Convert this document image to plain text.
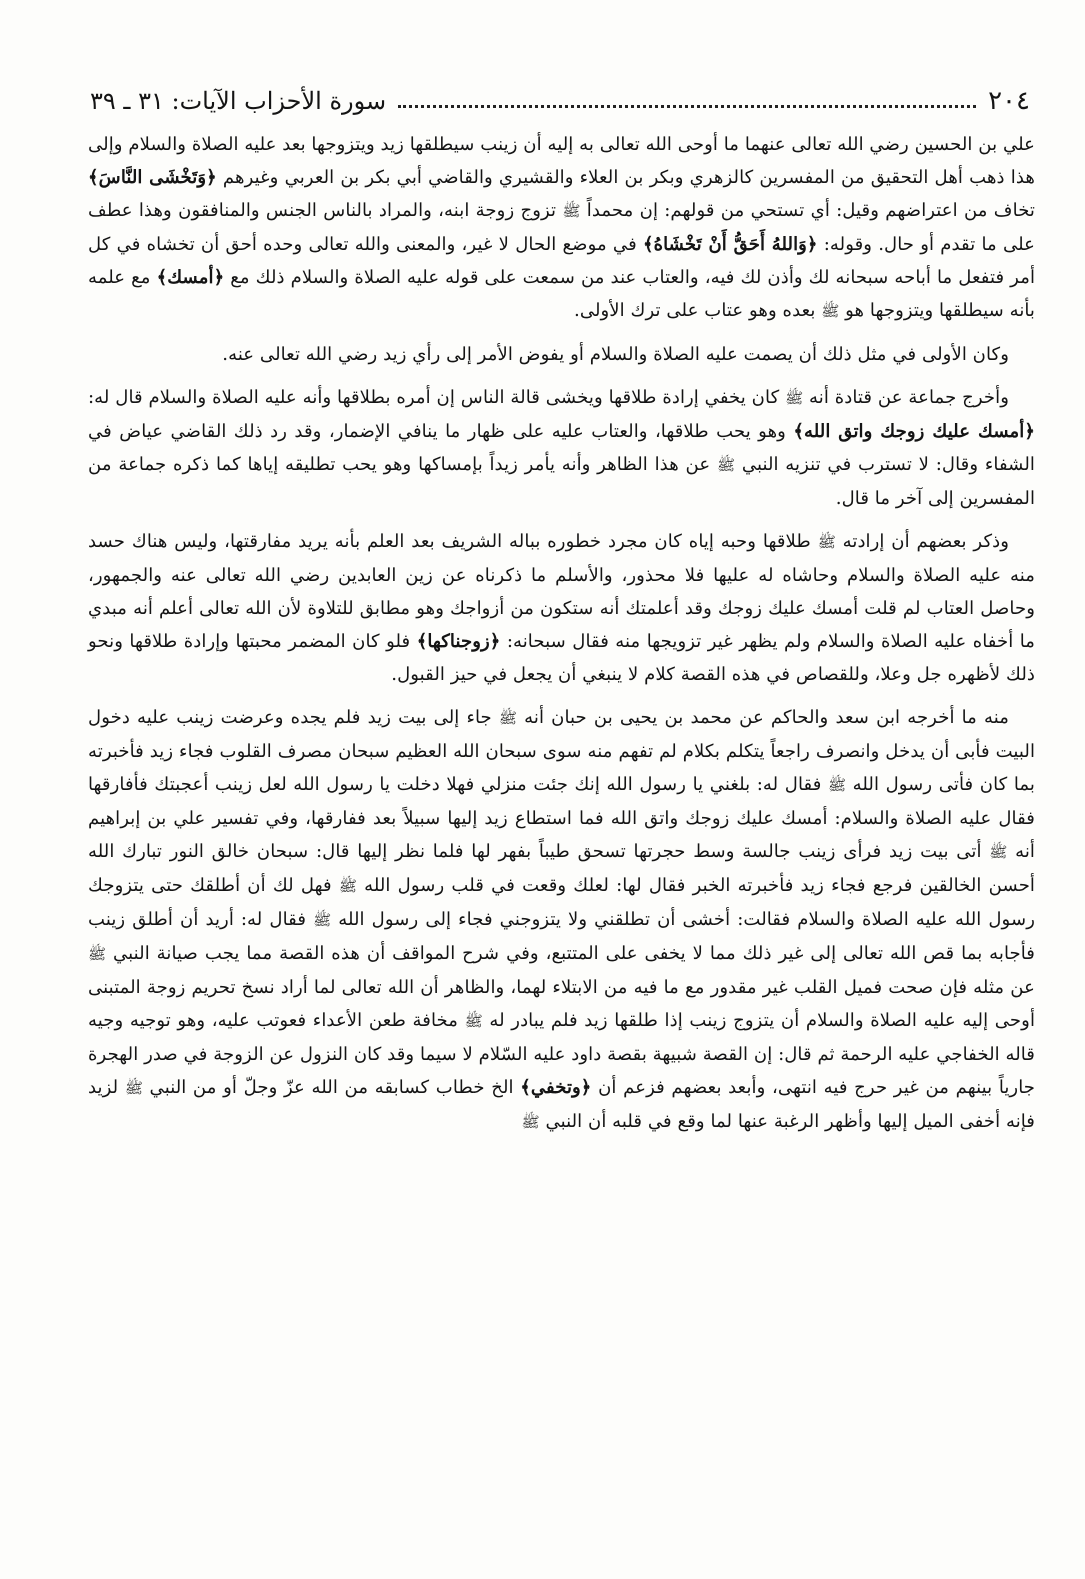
٢٠٤
سورة الأحزاب الآيات: ٣١ ـ ٣٩

علي بن الحسين رضي الله تعالى عنهما ما أوحى الله تعالى به إليه أن زينب سيطلقها زيد ويتزوجها بعد عليه الصلاة والسلام وإلى هذا ذهب أهل التحقيق من المفسرين كالزهري وبكر بن العلاء والقشيري والقاضي أبي بكر بن العربي وغيرهم ﴿وَتَخْشَى النَّاسَ﴾ تخاف من اعتراضهم وقيل: أي تستحي من قولهم: إن محمداً ﷺ تزوج زوجة ابنه، والمراد بالناس الجنس والمنافقون وهذا عطف على ما تقدم أو حال. وقوله: ﴿وَاللهُ أَحَقُّ أَنْ تَخْشَاهُ﴾ في موضع الحال لا غير، والمعنى والله تعالى وحده أحق أن تخشاه في كل أمر فتفعل ما أباحه سبحانه لك وأذن لك فيه، والعتاب عند من سمعت على قوله عليه الصلاة والسلام ذلك مع ﴿أمسك﴾ مع علمه بأنه سيطلقها ويتزوجها هو ﷺ بعده وهو عتاب على ترك الأولى.

وكان الأولى في مثل ذلك أن يصمت عليه الصلاة والسلام أو يفوض الأمر إلى رأي زيد رضي الله تعالى عنه.

وأخرج جماعة عن قتادة أنه ﷺ كان يخفي إرادة طلاقها ويخشى قالة الناس إن أمره بطلاقها وأنه عليه الصلاة والسلام قال له: ﴿أمسك عليك زوجك واتق الله﴾ وهو يحب طلاقها، والعتاب عليه على ظهار ما ينافي الإضمار، وقد رد ذلك القاضي عياض في الشفاء وقال: لا تسترب في تنزيه النبي ﷺ عن هذا الظاهر وأنه يأمر زيداً بإمساكها وهو يحب تطليقه إياها كما ذكره جماعة من المفسرين إلى آخر ما قال.

وذكر بعضهم أن إرادته ﷺ طلاقها وحبه إياه كان مجرد خطوره بباله الشريف بعد العلم بأنه يريد مفارقتها، وليس هناك حسد منه عليه الصلاة والسلام وحاشاه له عليها فلا محذور، والأسلم ما ذكرناه عن زين العابدين رضي الله تعالى عنه والجمهور، وحاصل العتاب لم قلت أمسك عليك زوجك وقد أعلمتك أنه ستكون من أزواجك وهو مطابق للتلاوة لأن الله تعالى أعلم أنه مبدي ما أخفاه عليه الصلاة والسلام ولم يظهر غير تزويجها منه فقال سبحانه: ﴿زوجناكها﴾ فلو كان المضمر محبتها وإرادة طلاقها ونحو ذلك لأظهره جل وعلا، وللقصاص في هذه القصة كلام لا ينبغي أن يجعل في حيز القبول.

منه ما أخرجه ابن سعد والحاكم عن محمد بن يحيى بن حبان أنه ﷺ جاء إلى بيت زيد فلم يجده وعرضت زينب عليه دخول البيت فأبى أن يدخل وانصرف راجعاً يتكلم بكلام لم تفهم منه سوى سبحان الله العظيم سبحان مصرف القلوب فجاء زيد فأخبرته بما كان فأتى رسول الله ﷺ فقال له: بلغني يا رسول الله إنك جئت منزلي فهلا دخلت يا رسول الله لعل زينب أعجبتك فأفارقها فقال عليه الصلاة والسلام: أمسك عليك زوجك واتق الله فما استطاع زيد إليها سبيلاً بعد ففارقها، وفي تفسير علي بن إبراهيم أنه ﷺ أتى بيت زيد فرأى زينب جالسة وسط حجرتها تسحق طيباً بفهر لها فلما نظر إليها قال: سبحان خالق النور تبارك الله أحسن الخالقين فرجع فجاء زيد فأخبرته الخبر فقال لها: لعلك وقعت في قلب رسول الله ﷺ فهل لك أن أطلقك حتى يتزوجك رسول الله عليه الصلاة والسلام فقالت: أخشى أن تطلقني ولا يتزوجني فجاء إلى رسول الله ﷺ فقال له: أريد أن أطلق زينب فأجابه بما قص الله تعالى إلى غير ذلك مما لا يخفى على المتتبع، وفي شرح المواقف أن هذه القصة مما يجب صيانة النبي ﷺ عن مثله فإن صحت فميل القلب غير مقدور مع ما فيه من الابتلاء لهما، والظاهر أن الله تعالى لما أراد نسخ تحريم زوجة المتبنى أوحى إليه عليه الصلاة والسلام أن يتزوج زينب إذا طلقها زيد فلم يبادر له ﷺ مخافة طعن الأعداء فعوتب عليه، وهو توجيه وجيه قاله الخفاجي عليه الرحمة ثم قال: إن القصة شبيهة بقصة داود عليه السّلام لا سيما وقد كان النزول عن الزوجة في صدر الهجرة جارياً بينهم من غير حرج فيه انتهى، وأبعد بعضهم فزعم أن ﴿وتخفي﴾ الخ خطاب كسابقه من الله عزّ وجلّ أو من النبي ﷺ لزيد فإنه أخفى الميل إليها وأظهر الرغبة عنها لما وقع في قلبه أن النبي ﷺ
